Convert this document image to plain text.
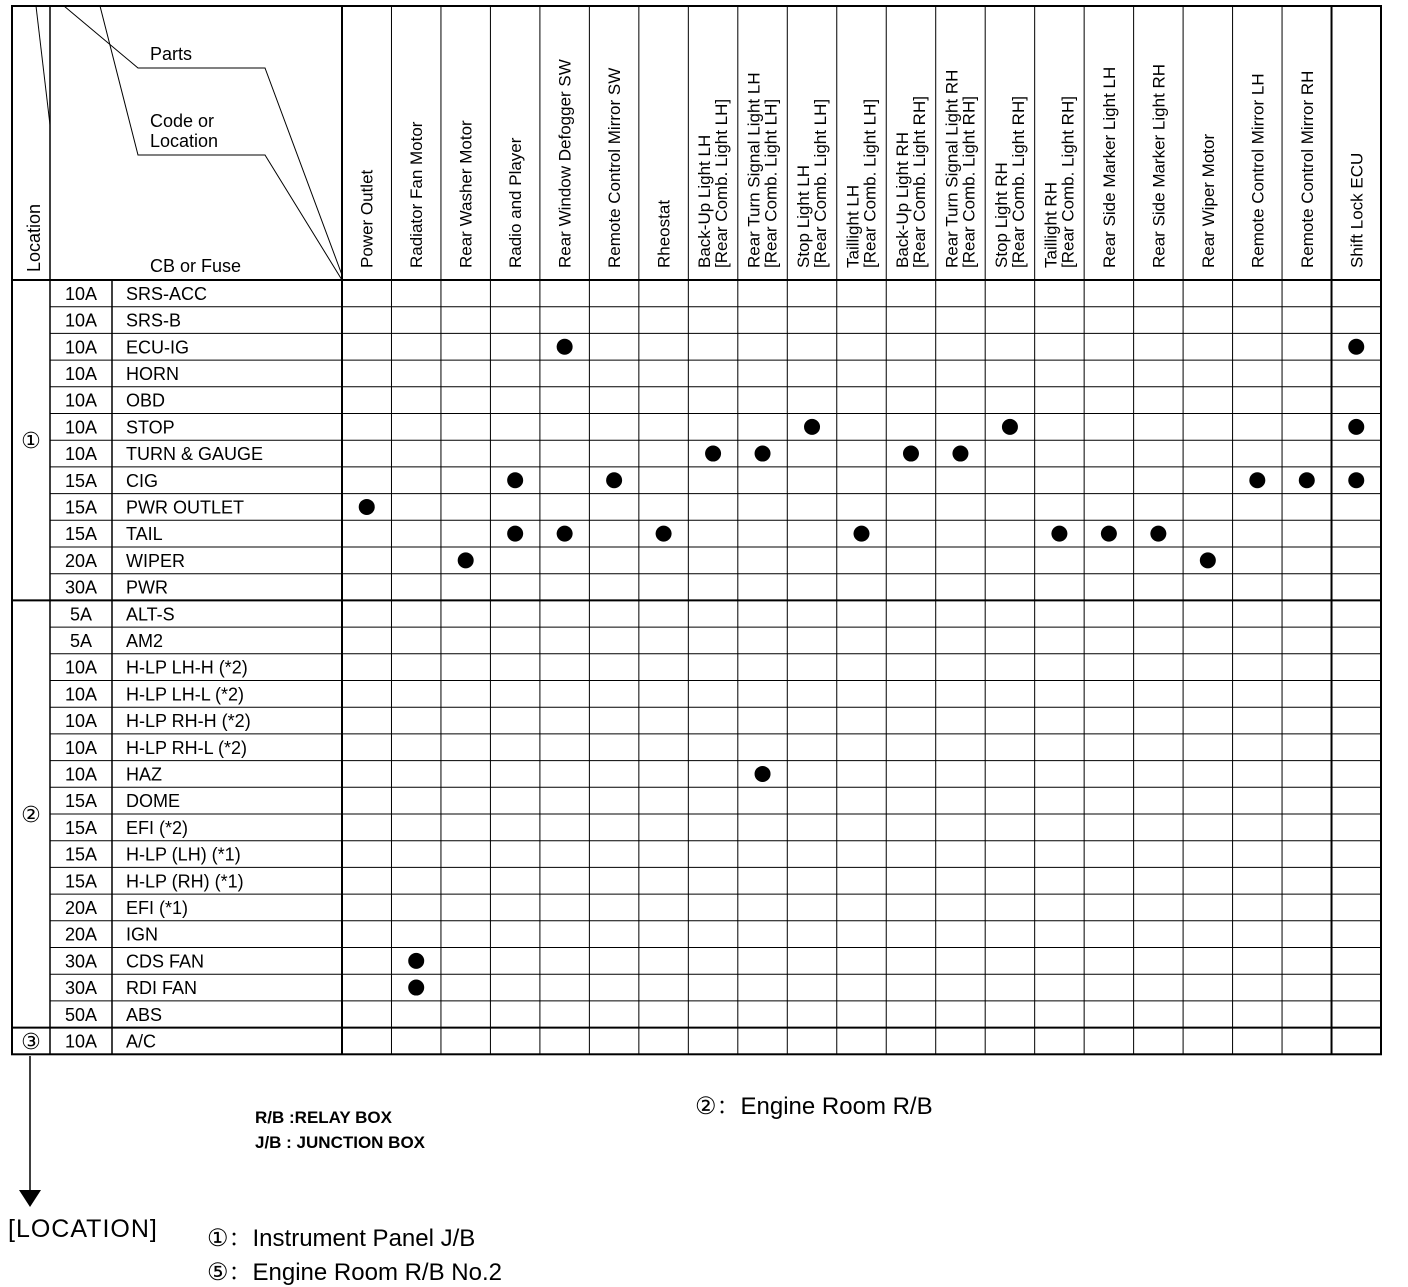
Parts
Code or
Location
CB or Fuse
Location	Power Outlet Radiator Fan Motor Rear Washer Motor Radio and Player Rear Window Defogger SW Remote Control Mirror SW Rheostat Back-Up Light LH
[Rear Comb. Light LH] Rear Turn Signal Light LH
[Rear Comb. Light LH] Stop Light LH
[Rear Comb. Light LH] Taillight LH
[Rear Comb. Light LH] Back-Up Light RH
[Rear Comb. Light RH] Rear Turn Signal Light RH
[Rear Comb. Light RH] Stop Light RH
[Rear Comb. Light RH] Taillight RH
[Rear Comb. Light RH] Rear Side Marker Light LH Rear Side Marker Light RH Rear Wiper Motor Remote Control Mirror LH Remote Control Mirror RH Shift Lock ECU
10A SRS-ACC
10A SRS-B
10A ECU-IG
10A HORN
10A OBD
10A STOP
10A TURN & GAUGE
15A CIG
15A PWR OUTLET
15A TAIL
20A WIPER
30A PWR
①
5A ALT-S
5A AM2
10A H-LP LH-H (*2)
10A H-LP LH-L (*2)
10A H-LP RH-H (*2)
10A H-LP RH-L (*2)
10A HAZ
15A DOME
15A EFI (*2)
15A H-LP (LH) (*1)
15A H-LP (RH) (*1)
20A EFI (*1)
20A IGN
30A CDS FAN
30A RDI FAN
50A ABS
②
10A A/C
③
R/B :RELAY BOX
J/B : JUNCTION BOX
②：Engine Room R/B
[LOCATION] ①：Instrument Panel J/B
⑤：Engine Room R/B No.2
